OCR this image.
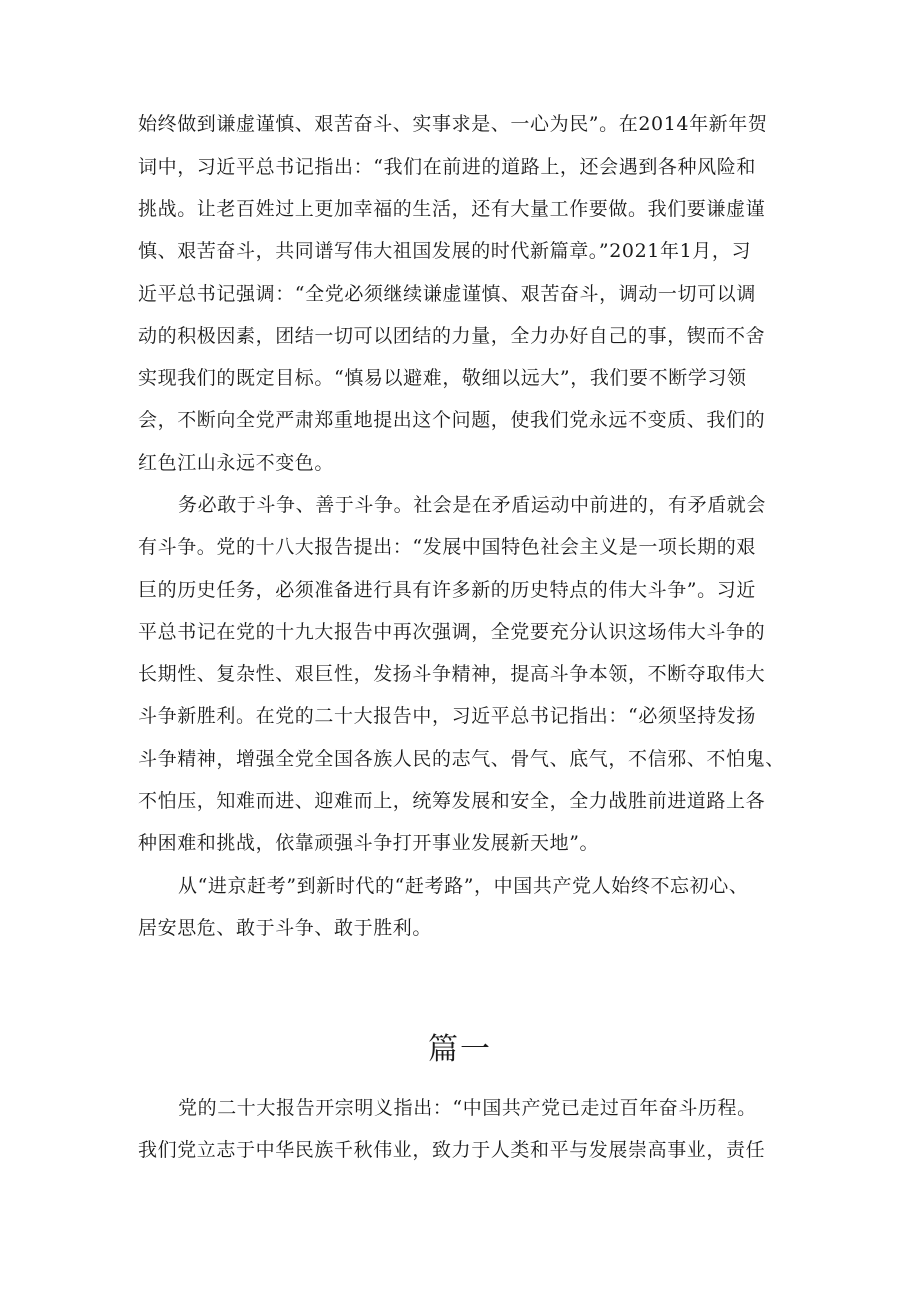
始终做到谦虚谨慎、艰苦奋斗、实事求是、一心为民”。在2014年新年贺
词中，习近平总书记指出：“我们在前进的道路上，还会遇到各种风险和
挑战。让老百姓过上更加幸福的生活，还有大量工作要做。我们要谦虚谨
慎、艰苦奋斗，共同谱写伟大祖国发展的时代新篇章。”2021年1月，习
近平总书记强调：“全党必须继续谦虚谨慎、艰苦奋斗，调动一切可以调
动的积极因素，团结一切可以团结的力量，全力办好自己的事，锲而不舍
实现我们的既定目标。“慎易以避难，敬细以远大”，我们要不断学习领
会，不断向全党严肃郑重地提出这个问题，使我们党永远不变质、我们的
红色江山永远不变色。
务必敢于斗争、善于斗争。社会是在矛盾运动中前进的，有矛盾就会
有斗争。党的十八大报告提出：“发展中国特色社会主义是一项长期的艰
巨的历史任务，必须准备进行具有许多新的历史特点的伟大斗争”。习近
平总书记在党的十九大报告中再次强调，全党要充分认识这场伟大斗争的
长期性、复杂性、艰巨性，发扬斗争精神，提高斗争本领，不断夺取伟大
斗争新胜利。在党的二十大报告中，习近平总书记指出：“必须坚持发扬
斗争精神，增强全党全国各族人民的志气、骨气、底气，不信邪、不怕鬼、
不怕压，知难而进、迎难而上，统筹发展和安全，全力战胜前进道路上各
种困难和挑战，依靠顽强斗争打开事业发展新天地”。
从“进京赶考”到新时代的“赶考路”，中国共产党人始终不忘初心、
居安思危、敢于斗争、敢于胜利。
篇一
党的二十大报告开宗明义指出：“中国共产党已走过百年奋斗历程。
我们党立志于中华民族千秋伟业，致力于人类和平与发展崇高事业，责任
